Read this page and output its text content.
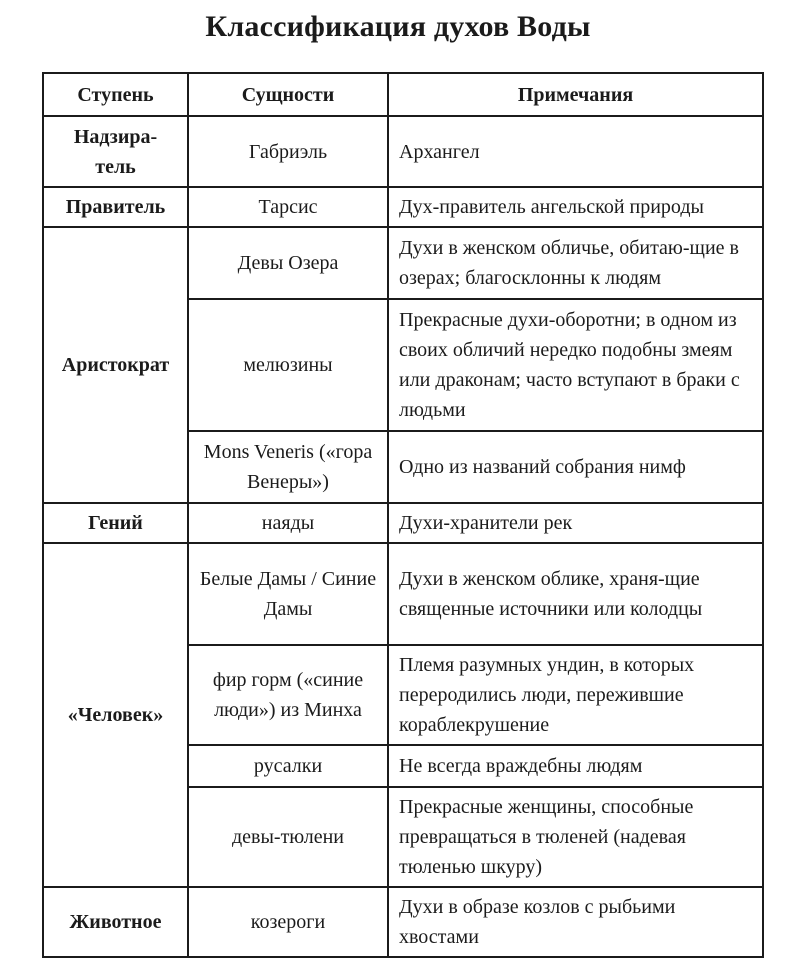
Классификация духов Воды
Ступень	Сущности	Примечания
Надзира-тель	Габриэль	Архангел
Правитель	Тарсис	Дух-правитель ангельской природы
Аристократ	Девы Озера	Духи в женском обличье, обитаю-щие в озерах; благосклонны к людям
	мелюзины	Прекрасные духи-оборотни; в одном из своих обличий нередко подобны змеям или драконам; часто вступают в браки с людьми
	Mons Veneris («гора Венеры»)	Одно из названий собрания нимф
Гений	наяды	Духи-хранители рек
«Человек»	Белые Дамы / Синие Дамы	Духи в женском облике, храня-щие священные источники или колодцы
	фир горм («синие люди») из Минха	Племя разумных ундин, в которых переродились люди, пережившие кораблекрушение
	русалки	Не всегда враждебны людям
	девы-тюлени	Прекрасные женщины, способные превращаться в тюленей (надевая тюленью шкуру)
Животное	козероги	Духи в образе козлов с рыбьими хвостами
